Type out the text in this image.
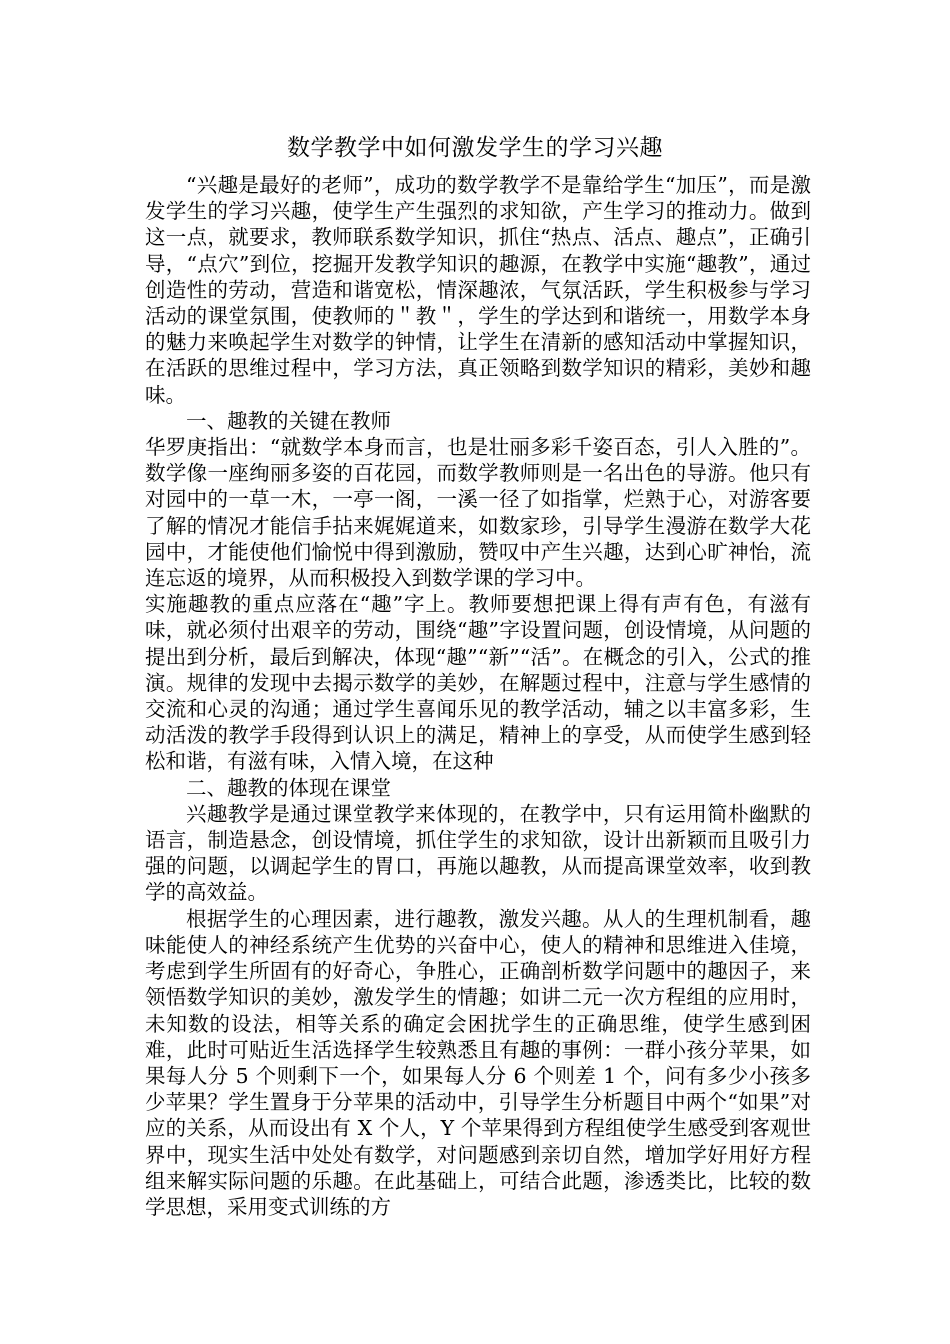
数学教学中如何激发学生的学习兴趣

“兴趣是最好的老师”，成功的数学教学不是靠给学生“加压”，而是激发学生的学习兴趣，使学生产生强烈的求知欲，产生学习的推动力。做到这一点，就要求，教师联系数学知识，抓住“热点、活点、趣点”，正确引导，“点穴”到位，挖掘开发教学知识的趣源，在教学中实施“趣教”，通过创造性的劳动，营造和谐宽松，情深趣浓，气氛活跃，学生积极参与学习活动的课堂氛围，使教师的＂教＂，学生的学达到和谐统一，用数学本身的魅力来唤起学生对数学的钟情，让学生在清新的感知活动中掌握知识，在活跃的思维过程中，学习方法，真正领略到数学知识的精彩，美妙和趣味。

一、趣教的关键在教师

华罗庚指出：“就数学本身而言，也是壮丽多彩千姿百态，引人入胜的”。数学像一座绚丽多姿的百花园，而数学教师则是一名出色的导游。他只有对园中的一草一木，一亭一阁，一溪一径了如指掌，烂熟于心，对游客要了解的情况才能信手拈来娓娓道来，如数家珍，引导学生漫游在数学大花园中，才能使他们愉悦中得到激励，赞叹中产生兴趣，达到心旷神怡，流连忘返的境界，从而积极投入到数学课的学习中。

实施趣教的重点应落在“趣”字上。教师要想把课上得有声有色，有滋有味，就必须付出艰辛的劳动，围绕“趣”字设置问题，创设情境，从问题的提出到分析，最后到解决，体现“趣”“新”“活”。在概念的引入，公式的推演。规律的发现中去揭示数学的美妙，在解题过程中，注意与学生感情的交流和心灵的沟通；通过学生喜闻乐见的教学活动，辅之以丰富多彩，生动活泼的教学手段得到认识上的满足，精神上的享受，从而使学生感到轻松和谐，有滋有味，入情入境，在这种

二、趣教的体现在课堂

兴趣教学是通过课堂教学来体现的，在教学中，只有运用简朴幽默的语言，制造悬念，创设情境，抓住学生的求知欲，设计出新颖而且吸引力强的问题，以调起学生的胃口，再施以趣教，从而提高课堂效率，收到教学的高效益。

根据学生的心理因素，进行趣教，激发兴趣。从人的生理机制看，趣味能使人的神经系统产生优势的兴奋中心，使人的精神和思维进入佳境，考虑到学生所固有的好奇心，争胜心，正确剖析数学问题中的趣因子，来领悟数学知识的美妙，激发学生的情趣；如讲二元一次方程组的应用时，未知数的设法，相等关系的确定会困扰学生的正确思维，使学生感到困难，此时可贴近生活选择学生较熟悉且有趣的事例：一群小孩分苹果，如果每人分 5 个则剩下一个，如果每人分 6 个则差 1 个，问有多少小孩多少苹果？学生置身于分苹果的活动中，引导学生分析题目中两个“如果”对应的关系，从而设出有 X 个人，Y 个苹果得到方程组使学生感受到客观世界中，现实生活中处处有数学，对问题感到亲切自然，增加学好用好方程组来解实际问题的乐趣。在此基础上，可结合此题，渗透类比，比较的数学思想，采用变式训练的方
